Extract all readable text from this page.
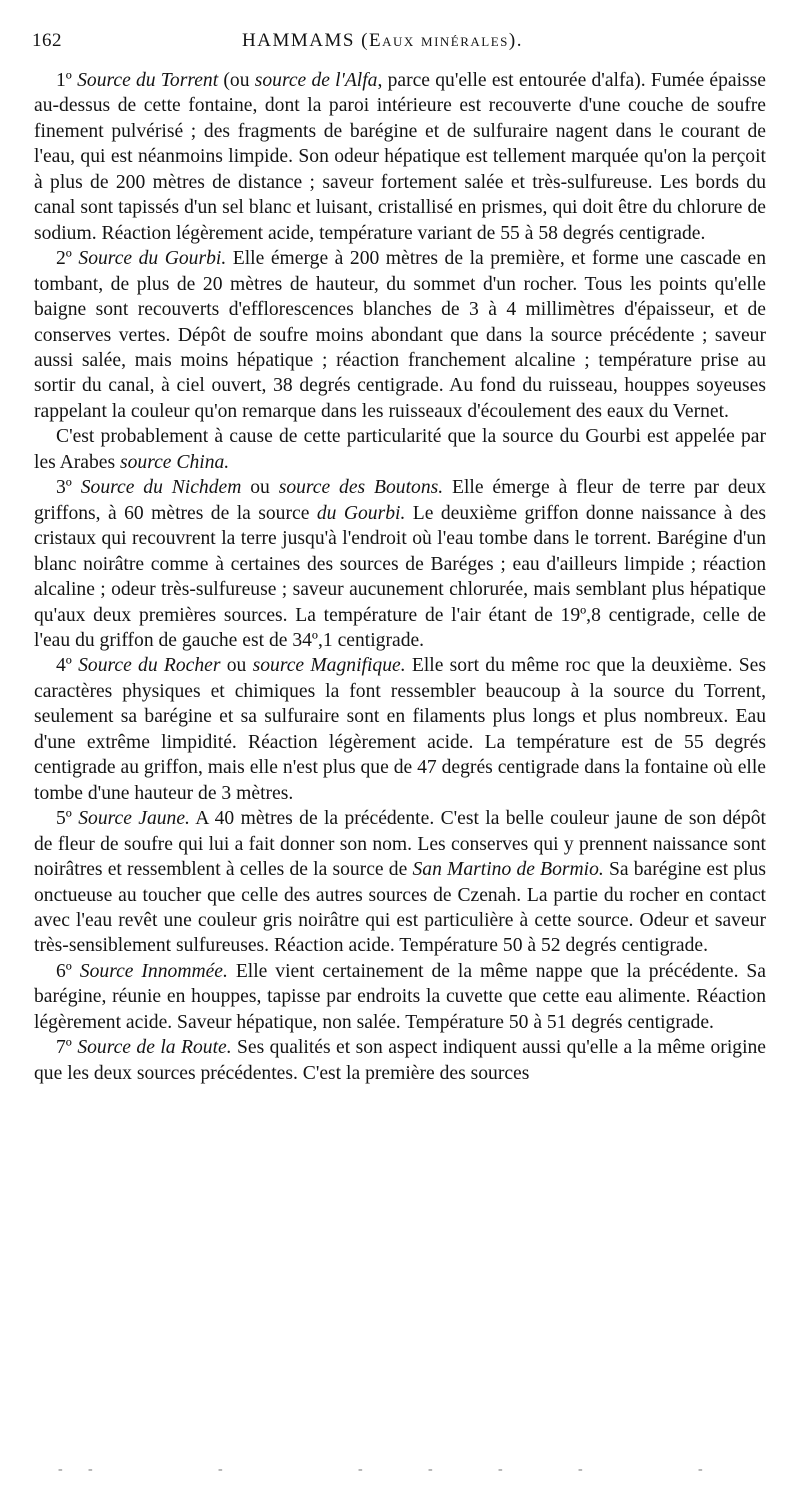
162	HAMMAMS (Eaux minérales).

1º Source du Torrent (ou source de l'Alfa, parce qu'elle est entourée d'alfa). Fumée épaisse au-dessus de cette fontaine, dont la paroi intérieure est recouverte d'une couche de soufre finement pulvérisé ; des fragments de barégine et de sulfuraire nagent dans le courant de l'eau, qui est néanmoins limpide. Son odeur hépatique est tellement marquée qu'on la perçoit à plus de 200 mètres de distance ; saveur fortement salée et très-sulfureuse. Les bords du canal sont tapissés d'un sel blanc et luisant, cristallisé en prismes, qui doit être du chlorure de sodium. Réaction légèrement acide, température variant de 55 à 58 degrés centigrade.

2º Source du Gourbi. Elle émerge à 200 mètres de la première, et forme une cascade en tombant, de plus de 20 mètres de hauteur, du sommet d'un rocher. Tous les points qu'elle baigne sont recouverts d'efflorescences blanches de 3 à 4 millimètres d'épaisseur, et de conserves vertes. Dépôt de soufre moins abondant que dans la source précédente ; saveur aussi salée, mais moins hépatique ; réaction franchement alcaline ; température prise au sortir du canal, à ciel ouvert, 38 degrés centigrade. Au fond du ruisseau, houppes soyeuses rappelant la couleur qu'on remarque dans les ruisseaux d'écoulement des eaux du Vernet.

C'est probablement à cause de cette particularité que la source du Gourbi est appelée par les Arabes source China.

3º Source du Nichdem ou source des Boutons. Elle émerge à fleur de terre par deux griffons, à 60 mètres de la source du Gourbi. Le deuxième griffon donne naissance à des cristaux qui recouvrent la terre jusqu'à l'endroit où l'eau tombe dans le torrent. Barégine d'un blanc noirâtre comme à certaines des sources de Baréges ; eau d'ailleurs limpide ; réaction alcaline ; odeur très-sulfureuse ; saveur aucunement chlorurée, mais semblant plus hépatique qu'aux deux premières sources. La température de l'air étant de 19º,8 centigrade, celle de l'eau du griffon de gauche est de 34º,1 centigrade.

4º Source du Rocher ou source Magnifique. Elle sort du même roc que la deuxième. Ses caractères physiques et chimiques la font ressembler beaucoup à la source du Torrent, seulement sa barégine et sa sulfuraire sont en filaments plus longs et plus nombreux. Eau d'une extrême limpidité. Réaction légèrement acide. La température est de 55 degrés centigrade au griffon, mais elle n'est plus que de 47 degrés centigrade dans la fontaine où elle tombe d'une hauteur de 3 mètres.

5º Source Jaune. A 40 mètres de la précédente. C'est la belle couleur jaune de son dépôt de fleur de soufre qui lui a fait donner son nom. Les conserves qui y prennent naissance sont noirâtres et ressemblent à celles de la source de San Martino de Bormio. Sa barégine est plus onctueuse au toucher que celle des autres sources de Czenah. La partie du rocher en contact avec l'eau revêt une couleur gris noirâtre qui est particulière à cette source. Odeur et saveur très-sensiblement sulfureuses. Réaction acide. Température 50 à 52 degrés centigrade.

6º Source Innommée. Elle vient certainement de la même nappe que la précédente. Sa barégine, réunie en houppes, tapisse par endroits la cuvette que cette eau alimente. Réaction légèrement acide. Saveur hépatique, non salée. Température 50 à 51 degrés centigrade.

7º Source de la Route. Ses qualités et son aspect indiquent aussi qu'elle a la même origine que les deux sources précédentes. C'est la première des sources

- -	-	-	-	-	-	-
